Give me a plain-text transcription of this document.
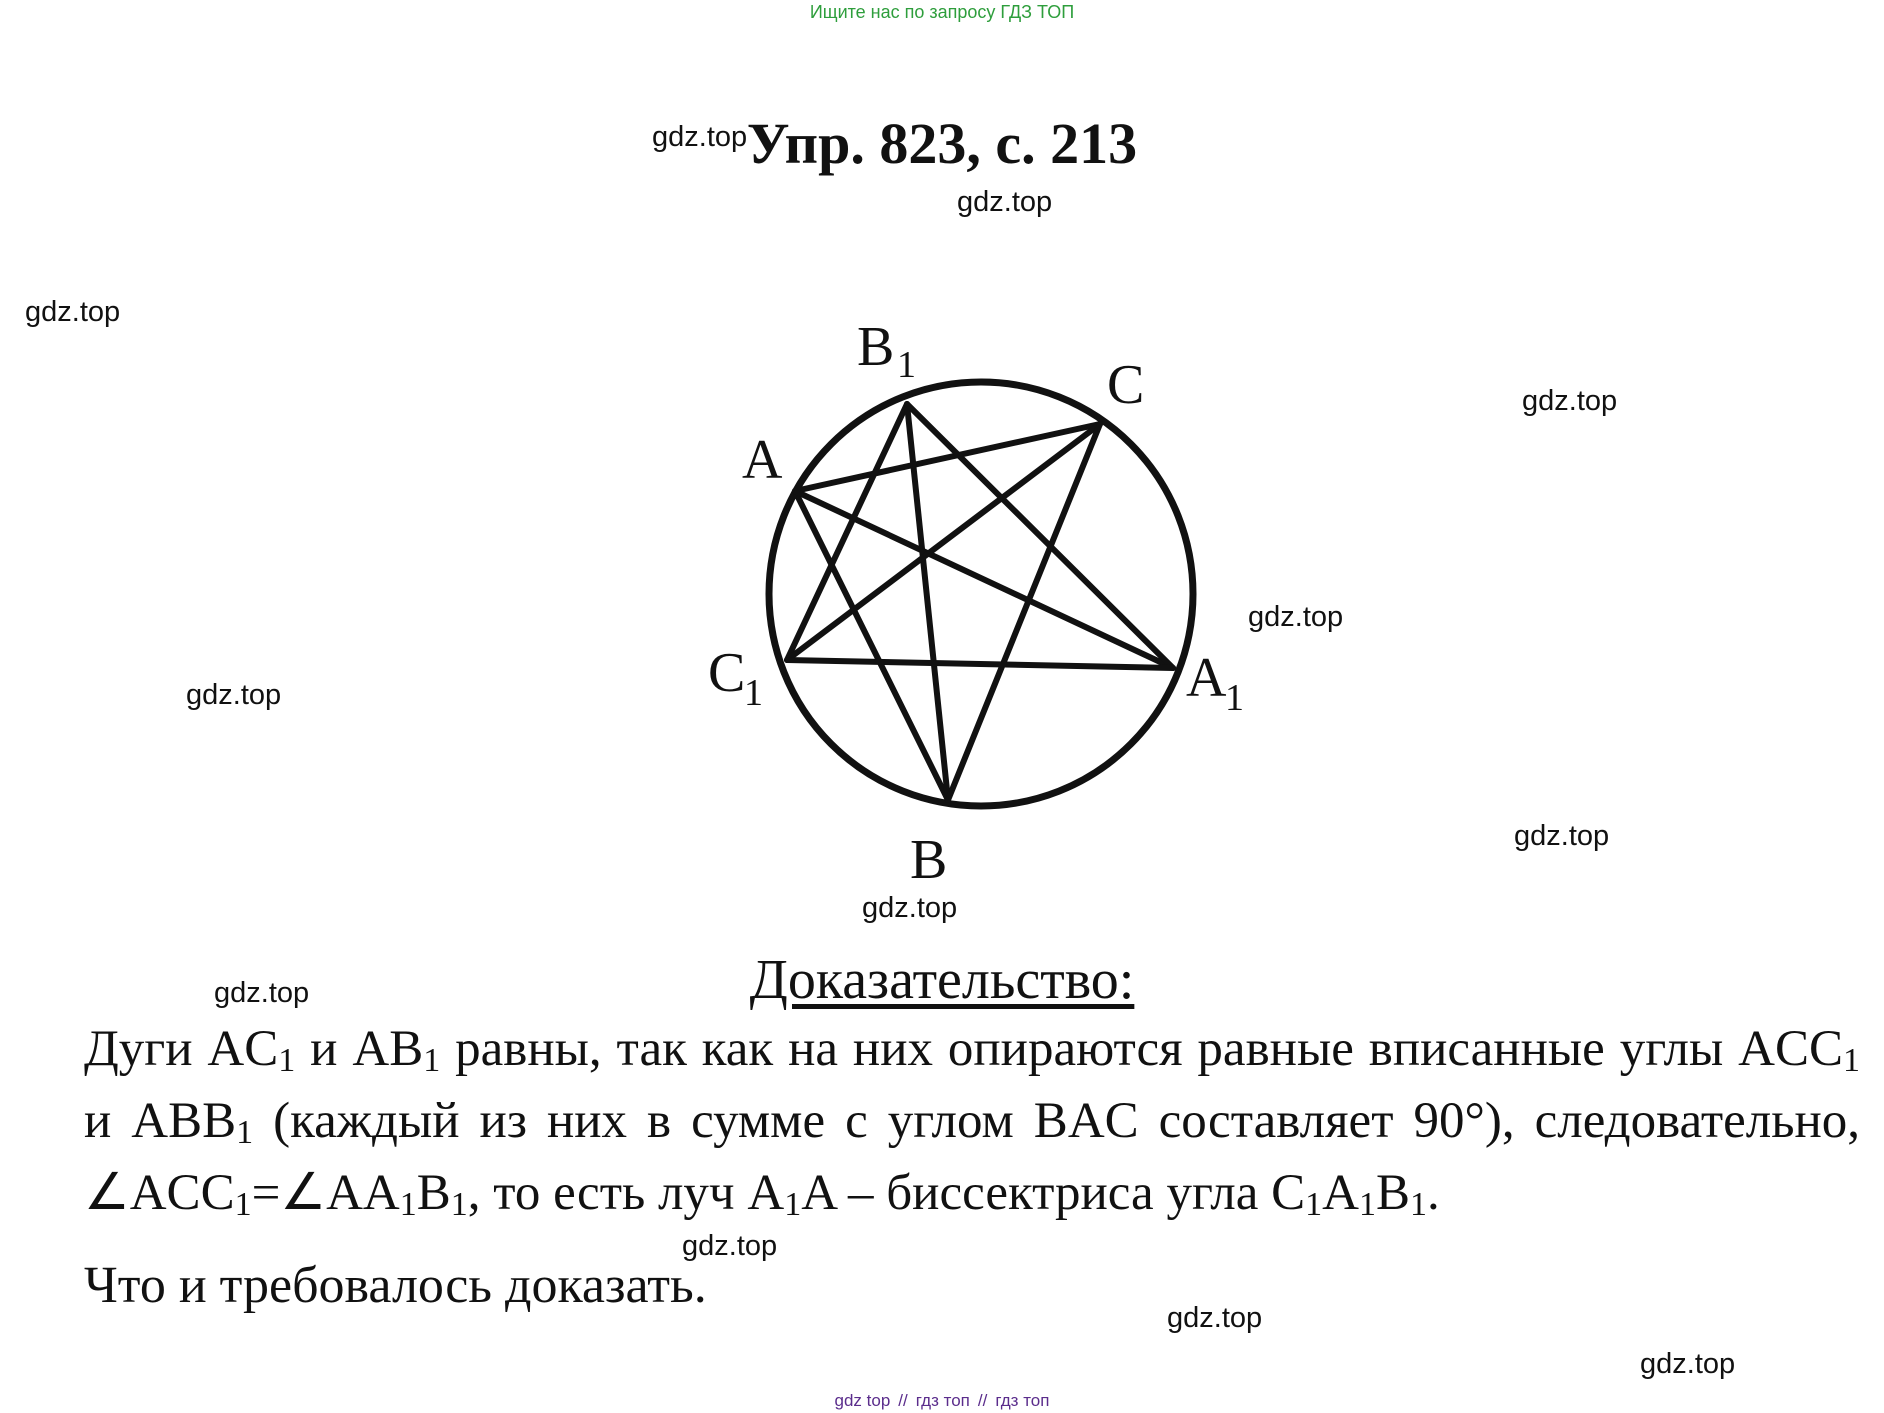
Ищите нас по запросу ГДЗ ТОП
Упр. 823, с. 213
gdz.top
gdz.top
gdz.top
gdz.top
gdz.top
gdz.top
gdz.top
gdz.top
gdz.top
gdz.top
gdz.top
gdz.top
A
B 1	C
C
1	A
1
B
Доказательство:
Дуги $AC_1$ и $AB_1$ равны, так как на них опираются равные вписанные углы $ACC_1$ и $ABB_1$ (каждый из них в сумме с углом BAC составляет 90°), следовательно, $\angle ACC_1=\angle AA_1B_1$, то есть луч $A_1A$ – биссектриса угла $C_1A_1B_1$.
Что и требовалось доказать.
gdz top // гдз топ // гдз топ
